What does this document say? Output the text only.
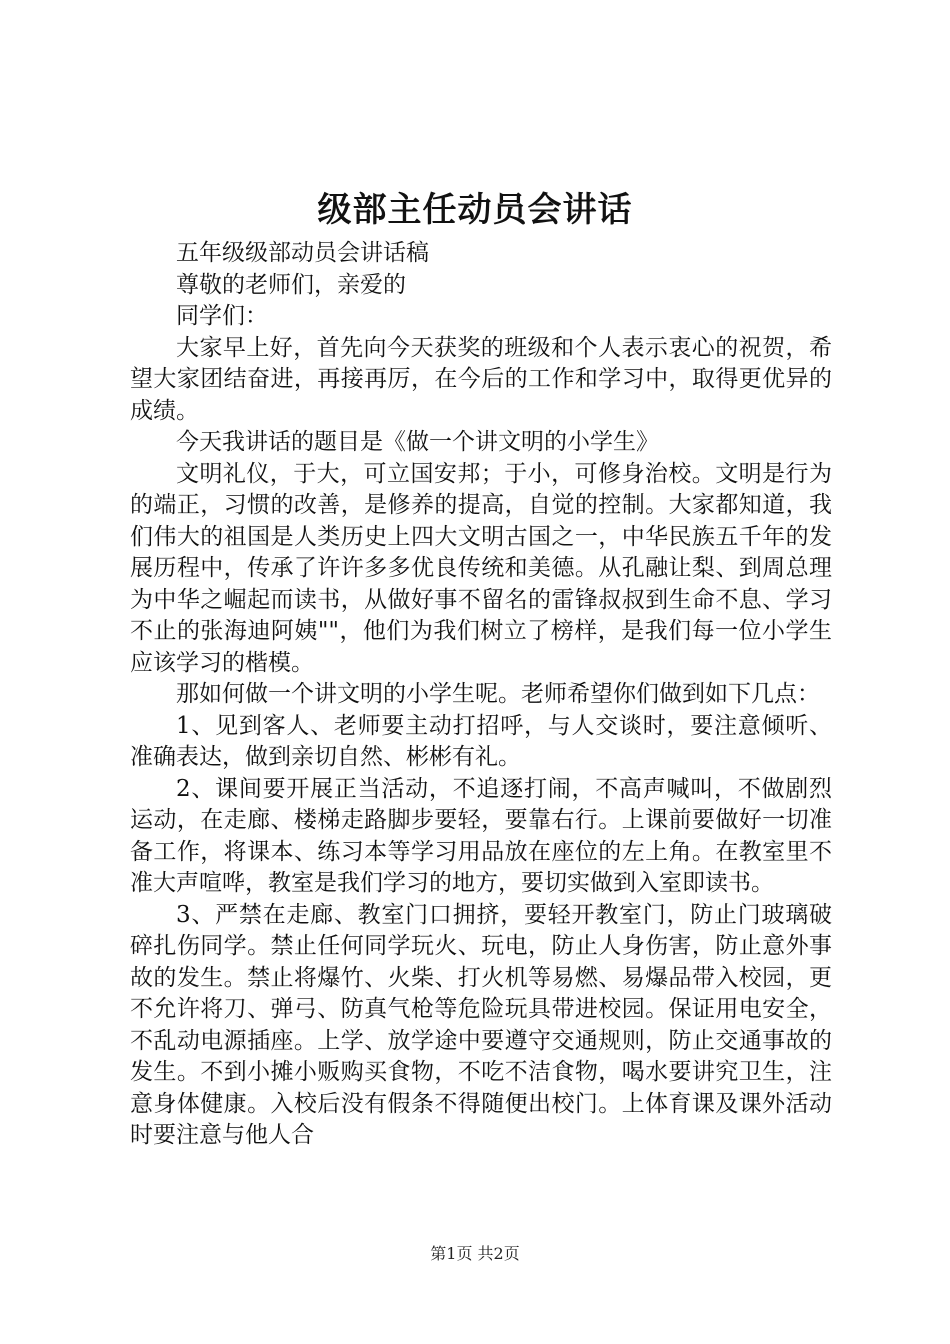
级部主任动员会讲话

五年级级部动员会讲话稿

尊敬的老师们，亲爱的

同学们：

大家早上好，首先向今天获奖的班级和个人表示衷心的祝贺，希望大家团结奋进，再接再厉，在今后的工作和学习中，取得更优异的成绩。

今天我讲话的题目是《做一个讲文明的小学生》

文明礼仪，于大，可立国安邦；于小，可修身治校。文明是行为的端正，习惯的改善，是修养的提高，自觉的控制。大家都知道，我们伟大的祖国是人类历史上四大文明古国之一，中华民族五千年的发展历程中，传承了许许多多优良传统和美德。从孔融让梨、到周总理为中华之崛起而读书，从做好事不留名的雷锋叔叔到生命不息、学习不止的张海迪阿姨""，他们为我们树立了榜样，是我们每一位小学生应该学习的楷模。

那如何做一个讲文明的小学生呢。老师希望你们做到如下几点：

1、见到客人、老师要主动打招呼，与人交谈时，要注意倾听、准确表达，做到亲切自然、彬彬有礼。

2、课间要开展正当活动，不追逐打闹，不高声喊叫，不做剧烈运动，在走廊、楼梯走路脚步要轻，要靠右行。上课前要做好一切准备工作，将课本、练习本等学习用品放在座位的左上角。在教室里不准大声喧哗，教室是我们学习的地方，要切实做到入室即读书。

3、严禁在走廊、教室门口拥挤，要轻开教室门，防止门玻璃破碎扎伤同学。禁止任何同学玩火、玩电，防止人身伤害，防止意外事故的发生。禁止将爆竹、火柴、打火机等易燃、易爆品带入校园，更不允许将刀、弹弓、防真气枪等危险玩具带进校园。保证用电安全，不乱动电源插座。上学、放学途中要遵守交通规则，防止交通事故的发生。不到小摊小贩购买食物，不吃不洁食物，喝水要讲究卫生，注意身体健康。入校后没有假条不得随便出校门。上体育课及课外活动时要注意与他人合

第1页 共2页
